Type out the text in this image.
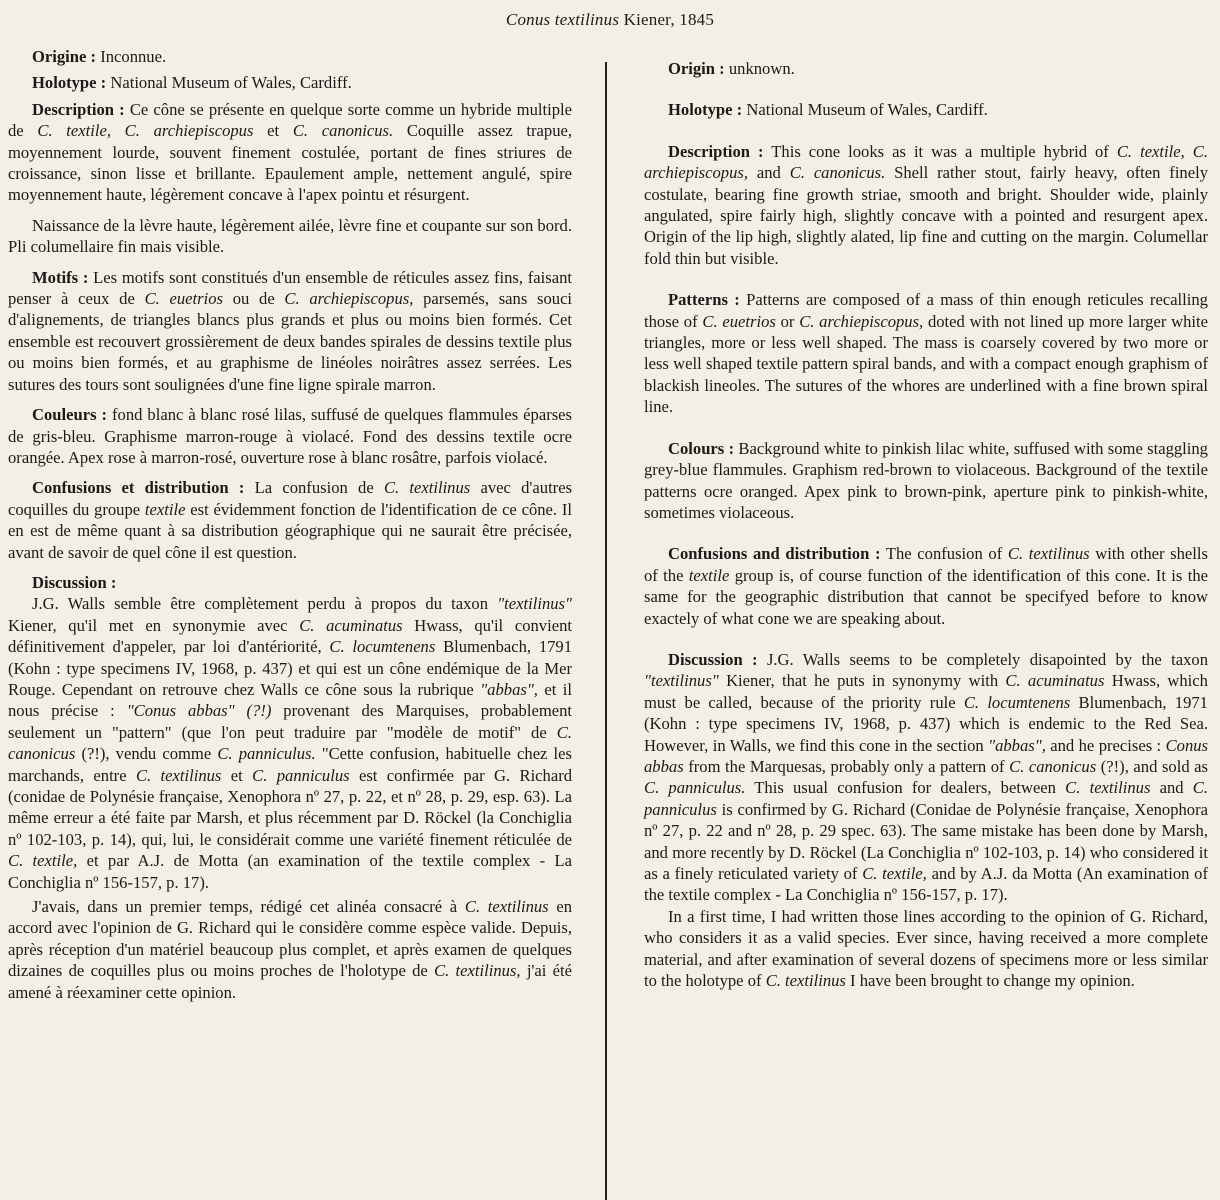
Conus textilinus Kiener, 1845

Origine : Inconnue.

Holotype : National Museum of Wales, Cardiff.

Description : Ce cône se présente en quelque sorte comme un hybride multiple de C. textile, C. archiepiscopus et C. canonicus. Coquille assez trapue, moyennement lourde, souvent finement costulée, portant de fines striures de croissance, sinon lisse et brillante. Epaulement ample, nettement angulé, spire moyennement haute, légèrement concave à l'apex pointu et résurgent.

Naissance de la lèvre haute, légèrement ailée, lèvre fine et coupante sur son bord. Pli columellaire fin mais visible.

Motifs : Les motifs sont constitués d'un ensemble de réticules assez fins, faisant penser à ceux de C. euetrios ou de C. archiepiscopus, parsemés, sans souci d'alignements, de triangles blancs plus grands et plus ou moins bien formés. Cet ensemble est recouvert grossièrement de deux bandes spirales de dessins textile plus ou moins bien formés, et au graphisme de linéoles noirâtres assez serrées. Les sutures des tours sont soulignées d'une fine ligne spirale marron.

Couleurs : fond blanc à blanc rosé lilas, suffusé de quelques flammules éparses de gris-bleu. Graphisme marron-rouge à violacé. Fond des dessins textile ocre orangée. Apex rose à marron-rosé, ouverture rose à blanc rosâtre, parfois violacé.

Confusions et distribution : La confusion de C. textilinus avec d'autres coquilles du groupe textile est évidemment fonction de l'identification de ce cône. Il en est de même quant à sa distribution géographique qui ne saurait être précisée, avant de savoir de quel cône il est question.

Discussion :

J.G. Walls semble être complètement perdu à propos du taxon "textilinus" Kiener, qu'il met en synonymie avec C. acuminatus Hwass, qu'il convient définitivement d'appeler, par loi d'antériorité, C. locumtenens Blumenbach, 1791 (Kohn : type specimens IV, 1968, p. 437) et qui est un cône endémique de la Mer Rouge. Cependant on retrouve chez Walls ce cône sous la rubrique "abbas", et il nous précise : "Conus abbas" (?!) provenant des Marquises, probablement seulement un "pattern" (que l'on peut traduire par "modèle de motif" de C. canonicus (?!), vendu comme C. panniculus. "Cette confusion, habituelle chez les marchands, entre C. textilinus et C. panniculus est confirmée par G. Richard (conidae de Polynésie française, Xenophora nº 27, p. 22, et nº 28, p. 29, esp. 63). La même erreur a été faite par Marsh, et plus récemment par D. Röckel (la Conchiglia nº 102-103, p. 14), qui, lui, le considérait comme une variété finement réticulée de C. textile, et par A.J. de Motta (an examination of the textile complex - La Conchiglia nº 156-157, p. 17).

J'avais, dans un premier temps, rédigé cet alinéa consacré à C. textilinus en accord avec l'opinion de G. Richard qui le considère comme espèce valide. Depuis, après réception d'un matériel beaucoup plus complet, et après examen de quelques dizaines de coquilles plus ou moins proches de l'holotype de C. textilinus, j'ai été amené à réexaminer cette opinion.

Origin : unknown.

Holotype : National Museum of Wales, Cardiff.

Description : This cone looks as it was a multiple hybrid of C. textile, C. archiepiscopus, and C. canonicus. Shell rather stout, fairly heavy, often finely costulate, bearing fine growth striae, smooth and bright. Shoulder wide, plainly angulated, spire fairly high, slightly concave with a pointed and resurgent apex. Origin of the lip high, slightly alated, lip fine and cutting on the margin. Columellar fold thin but visible.

Patterns : Patterns are composed of a mass of thin enough reticules recalling those of C. euetrios or C. archiepiscopus, doted with not lined up more larger white triangles, more or less well shaped. The mass is coarsely covered by two more or less well shaped textile pattern spiral bands, and with a compact enough graphism of blackish lineoles. The sutures of the whores are underlined with a fine brown spiral line.

Colours : Background white to pinkish lilac white, suffused with some staggling grey-blue flammules. Graphism red-brown to violaceous. Background of the textile patterns ocre oranged. Apex pink to brown-pink, aperture pink to pinkish-white, sometimes violaceous.

Confusions and distribution : The confusion of C. textilinus with other shells of the textile group is, of course function of the identification of this cone. It is the same for the geographic distribution that cannot be specifyed before to know exactely of what cone we are speaking about.

Discussion : J.G. Walls seems to be completely disapointed by the taxon "textilinus" Kiener, that he puts in synonymy with C. acuminatus Hwass, which must be called, because of the priority rule C. locumtenens Blumenbach, 1971 (Kohn : type specimens IV, 1968, p. 437) which is endemic to the Red Sea. However, in Walls, we find this cone in the section "abbas", and he precises : Conus abbas from the Marquesas, probably only a pattern of C. canonicus (?!), and sold as C. panniculus. This usual confusion for dealers, between C. textilinus and C. panniculus is confirmed by G. Richard (Conidae de Polynésie française, Xenophora nº 27, p. 22 and nº 28, p. 29 spec. 63). The same mistake has been done by Marsh, and more recently by D. Röckel (La Conchiglia nº 102-103, p. 14) who considered it as a finely reticulated variety of C. textile, and by A.J. da Motta (An examination of the textile complex - La Conchiglia nº 156-157, p. 17).

In a first time, I had written those lines according to the opinion of G. Richard, who considers it as a valid species. Ever since, having received a more complete material, and after examination of several dozens of specimens more or less similar to the holotype of C. textilinus I have been brought to change my opinion.
